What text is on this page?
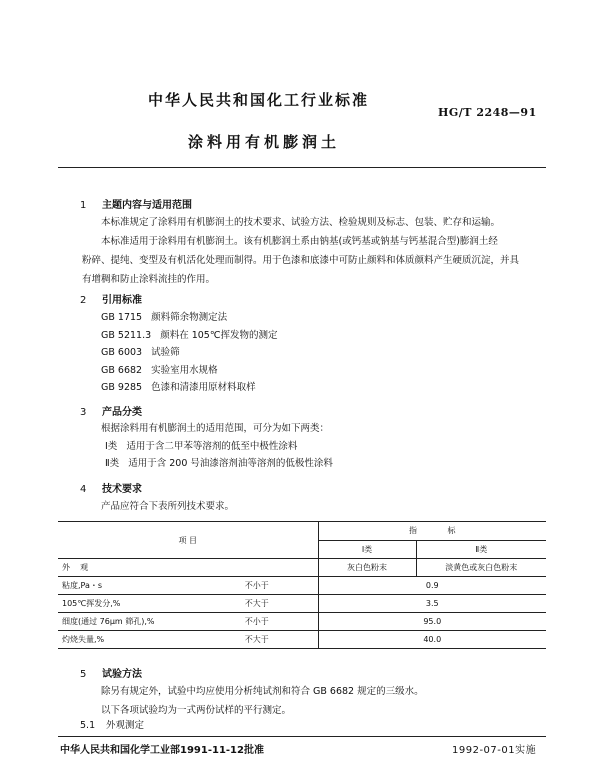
中华人民共和国化工行业标准
HG/T 2248—91
涂料用有机膨润土
1 主题内容与适用范围

本标准规定了涂料用有机膨润土的技术要求、试验方法、检验规则及标志、包装、贮存和运输。

本标准适用于涂料用有机膨润土。该有机膨润土系由钠基(或钙基或钠基与钙基混合型)膨润土经

粉碎、提纯、变型及有机活化处理而制得。用于色漆和底漆中可防止颜料和体质颜料产生硬质沉淀，并具

有增稠和防止涂料流挂的作用。

2 引用标准
GB 1715   颜料筛余物测定法
GB 5211.3   颜料在 105℃挥发物的测定
GB 6003   试验筛
GB 6682   实验室用水规格
GB 9285   色漆和清漆用原材料取样
3 产品分类
根据涂料用有机膨润土的适用范围，可分为如下两类：
Ⅰ类   适用于含二甲苯等溶剂的低至中极性涂料
Ⅱ类   适用于含 200 号油漆溶剂油等溶剂的低极性涂料
4 技术要求
产品应符合下表所列技术要求。
项 目		指            标	
		Ⅰ类	Ⅱ类
外    观		灰白色粉末	淡黄色或灰白色粉末
粘度,Pa・s	不小于	0.9	
105℃挥发分,%	不大于	3.5	
细度(通过 76μm 筛孔),%	不小于	95.0	
灼烧失量,%	不大于	40.0	
5 试验方法

除另有规定外，试验中均应使用分析纯试剂和符合 GB 6682 规定的三级水。

以下各项试验均为一式两份试样的平行测定。

5.1 外观测定
中华人民共和国化学工业部1991-11-12批准	1992-07-01实施
